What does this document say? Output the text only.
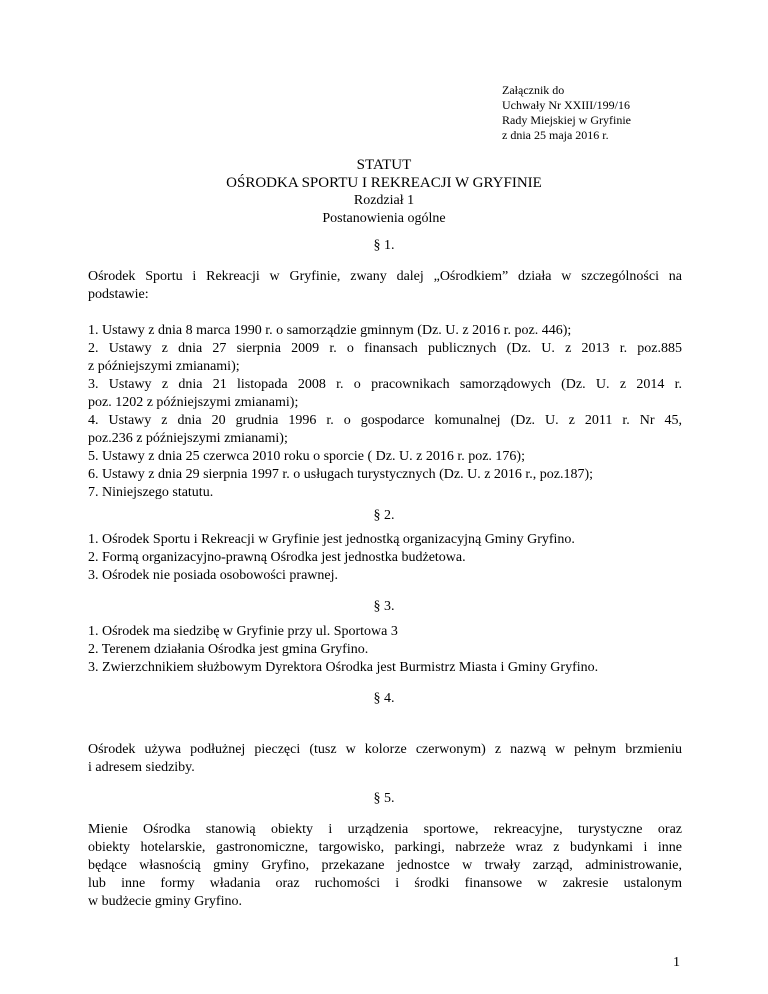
Załącznik do
Uchwały Nr XXIII/199/16
Rady Miejskiej w Gryfinie
z dnia 25 maja 2016 r.
STATUT
OŚRODKA SPORTU I REKREACJI W GRYFINIE
Rozdział 1
Postanowienia ogólne
§ 1.
Ośrodek Sportu i Rekreacji w Gryfinie, zwany dalej „Ośrodkiem” działa w szczególności na
podstawie:
1. Ustawy z dnia 8 marca 1990 r. o samorządzie gminnym (Dz. U. z 2016 r. poz. 446);
2. Ustawy z dnia 27 sierpnia 2009 r. o finansach publicznych (Dz. U. z 2013 r. poz.885
z późniejszymi zmianami);
3. Ustawy z dnia 21 listopada 2008 r. o pracownikach samorządowych (Dz. U. z 2014 r.
poz. 1202 z późniejszymi zmianami);
4. Ustawy z dnia 20 grudnia 1996 r. o gospodarce komunalnej (Dz. U. z 2011 r. Nr 45,
poz.236 z późniejszymi zmianami);
5. Ustawy z dnia 25 czerwca 2010 roku o sporcie ( Dz. U. z 2016 r. poz. 176);
6. Ustawy z dnia 29 sierpnia 1997 r. o usługach turystycznych (Dz. U. z 2016 r., poz.187);
7. Niniejszego statutu.
§ 2.
1. Ośrodek Sportu i Rekreacji w Gryfinie jest jednostką organizacyjną Gminy Gryfino.
2. Formą organizacyjno-prawną Ośrodka jest jednostka budżetowa.
3. Ośrodek nie posiada osobowości prawnej.
§ 3.
1. Ośrodek ma siedzibę w Gryfinie przy ul. Sportowa 3
2. Terenem działania Ośrodka jest gmina Gryfino.
3. Zwierzchnikiem służbowym Dyrektora Ośrodka jest Burmistrz Miasta i Gminy Gryfino.
§ 4.
Ośrodek używa podłużnej pieczęci (tusz w kolorze czerwonym) z nazwą w pełnym brzmieniu
i adresem siedziby.
§ 5.
Mienie Ośrodka stanowią obiekty i urządzenia sportowe, rekreacyjne, turystyczne oraz
obiekty hotelarskie, gastronomiczne, targowisko, parkingi, nabrzeże wraz z budynkami i inne
będące własnością gminy Gryfino, przekazane jednostce w trwały zarząd, administrowanie,
lub inne formy władania oraz ruchomości i środki finansowe w zakresie ustalonym
w budżecie gminy Gryfino.
1
